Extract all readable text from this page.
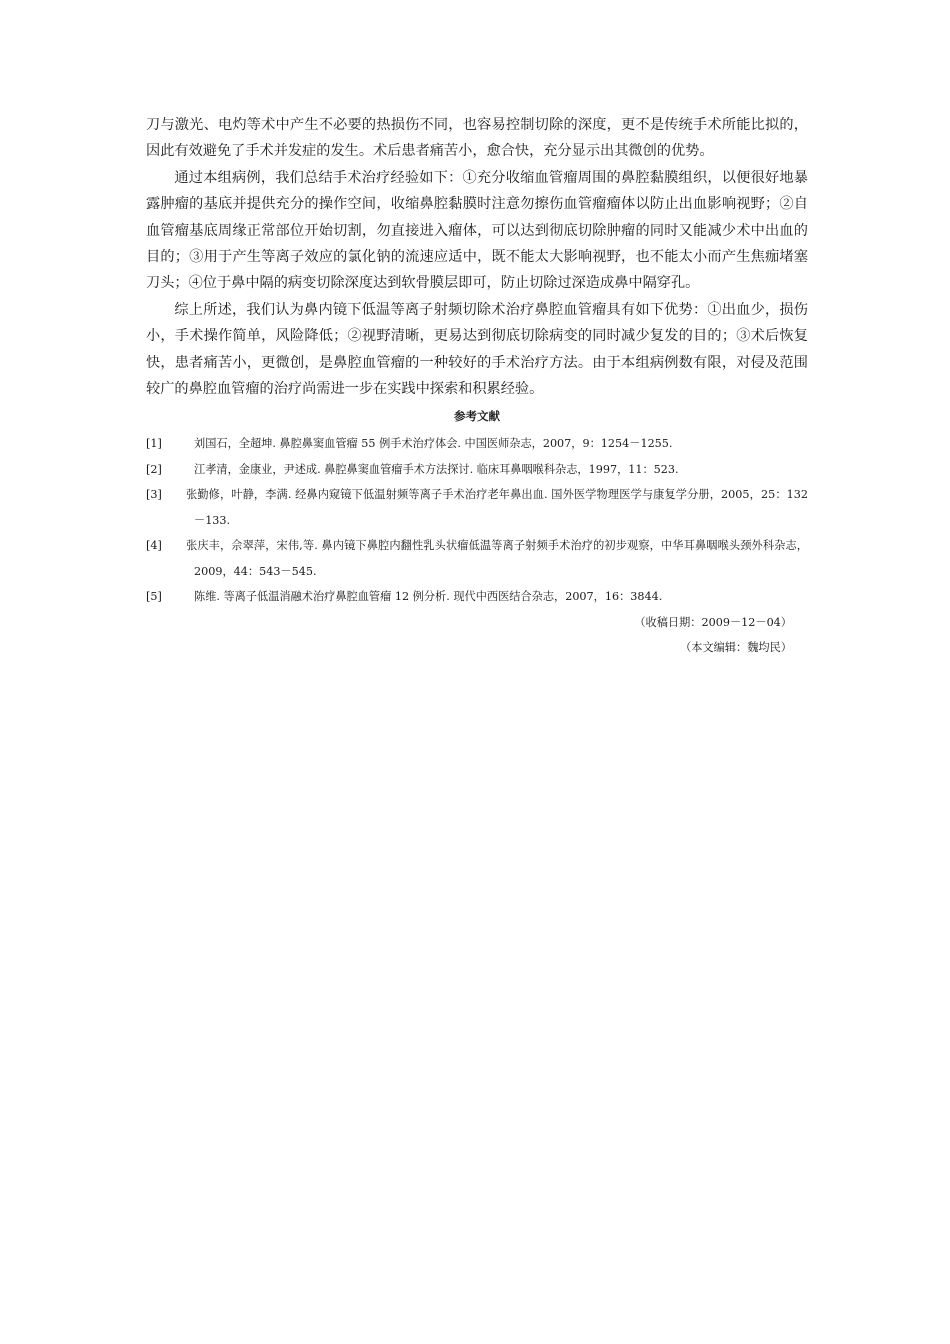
刀与激光、电灼等术中产生不必要的热损伤不同，也容易控制切除的深度，更不是传统手术所能比拟的，因此有效避免了手术并发症的发生。术后患者痛苦小，愈合快，充分显示出其微创的优势。

通过本组病例，我们总结手术治疗经验如下：①充分收缩血管瘤周围的鼻腔黏膜组织，以便很好地暴露肿瘤的基底并提供充分的操作空间，收缩鼻腔黏膜时注意勿擦伤血管瘤瘤体以防止出血影响视野；②自血管瘤基底周缘正常部位开始切割，勿直接进入瘤体，可以达到彻底切除肿瘤的同时又能减少术中出血的目的；③用于产生等离子效应的氯化钠的流速应适中，既不能太大影响视野，也不能太小而产生焦痂堵塞刀头；④位于鼻中隔的病变切除深度达到软骨膜层即可，防止切除过深造成鼻中隔穿孔。

综上所述，我们认为鼻内镜下低温等离子射频切除术治疗鼻腔血管瘤具有如下优势：①出血少，损伤小，手术操作简单，风险降低；②视野清晰，更易达到彻底切除病变的同时减少复发的目的；③术后恢复快，患者痛苦小，更微创，是鼻腔血管瘤的一种较好的手术治疗方法。由于本组病例数有限，对侵及范围较广的鼻腔血管瘤的治疗尚需进一步在实践中探索和积累经验。

参考文献
[1]	刘国石，全超坤. 鼻腔鼻窦血管瘤 55 例手术治疗体会. 中国医师杂志，2007，9：1254－1255.
[2]	江孝清，金康业，尹述成. 鼻腔鼻窦血管瘤手术方法探讨. 临床耳鼻咽喉科杂志，1997，11：523.
[3]	张勤修，叶静，李满. 经鼻内窥镜下低温射频等离子手术治疗老年鼻出血. 国外医学物理医学与康复学分册，2005，25：132－133.
[4]	张庆丰，佘翠萍，宋伟,等. 鼻内镜下鼻腔内翻性乳头状瘤低温等离子射频手术治疗的初步观察，中华耳鼻咽喉头颈外科杂志，2009，44：543－545.
[5]	陈维. 等离子低温消融术治疗鼻腔血管瘤 12 例分析. 现代中西医结合杂志，2007，16：3844.

（收稿日期：2009－12－04）

（本文编辑：魏均民）
